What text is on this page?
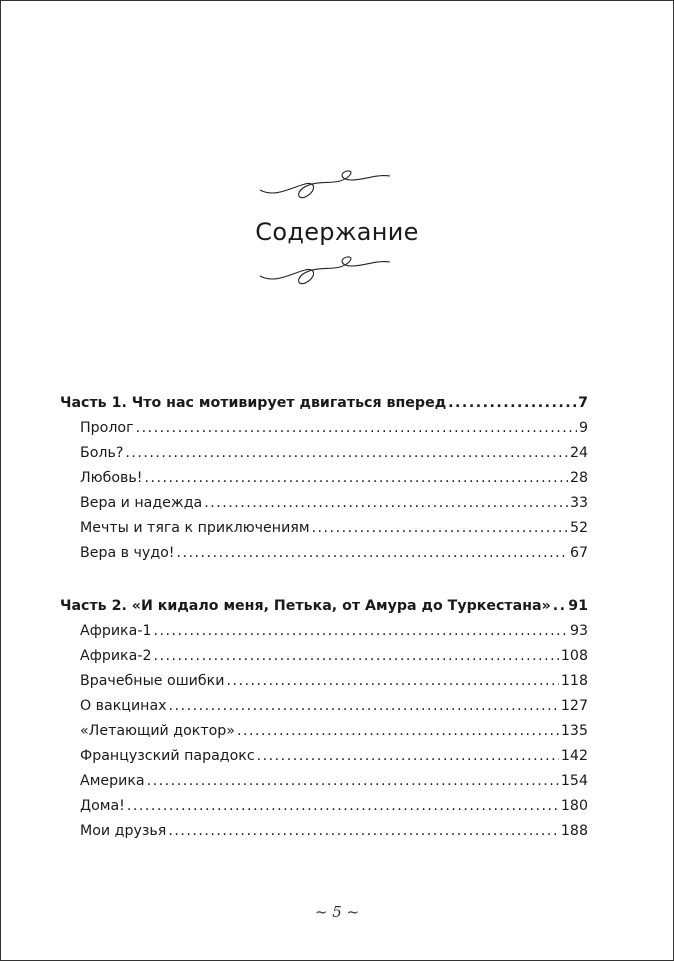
Содержание
Часть 1. Что нас мотивирует двигаться вперед .....	7
Пролог .....	9
Боль? .....	24
Любовь! .....	28
Вера и надежда .....	33
Мечты и тяга к приключениям .....	52
Вера в чудо! .....	67
Часть 2. «И кидало меня, Петька, от Амура до Туркестана» ..... 91
Африка-1 .....	93
Африка-2 .....	108
Врачебные ошибки .....	118
О вакцинах .....	127
«Летающий доктор» .....	135
Французский парадокс .....	142
Америка .....	154
Дома! .....	180
Мои друзья .....	188
~ 5 ~
